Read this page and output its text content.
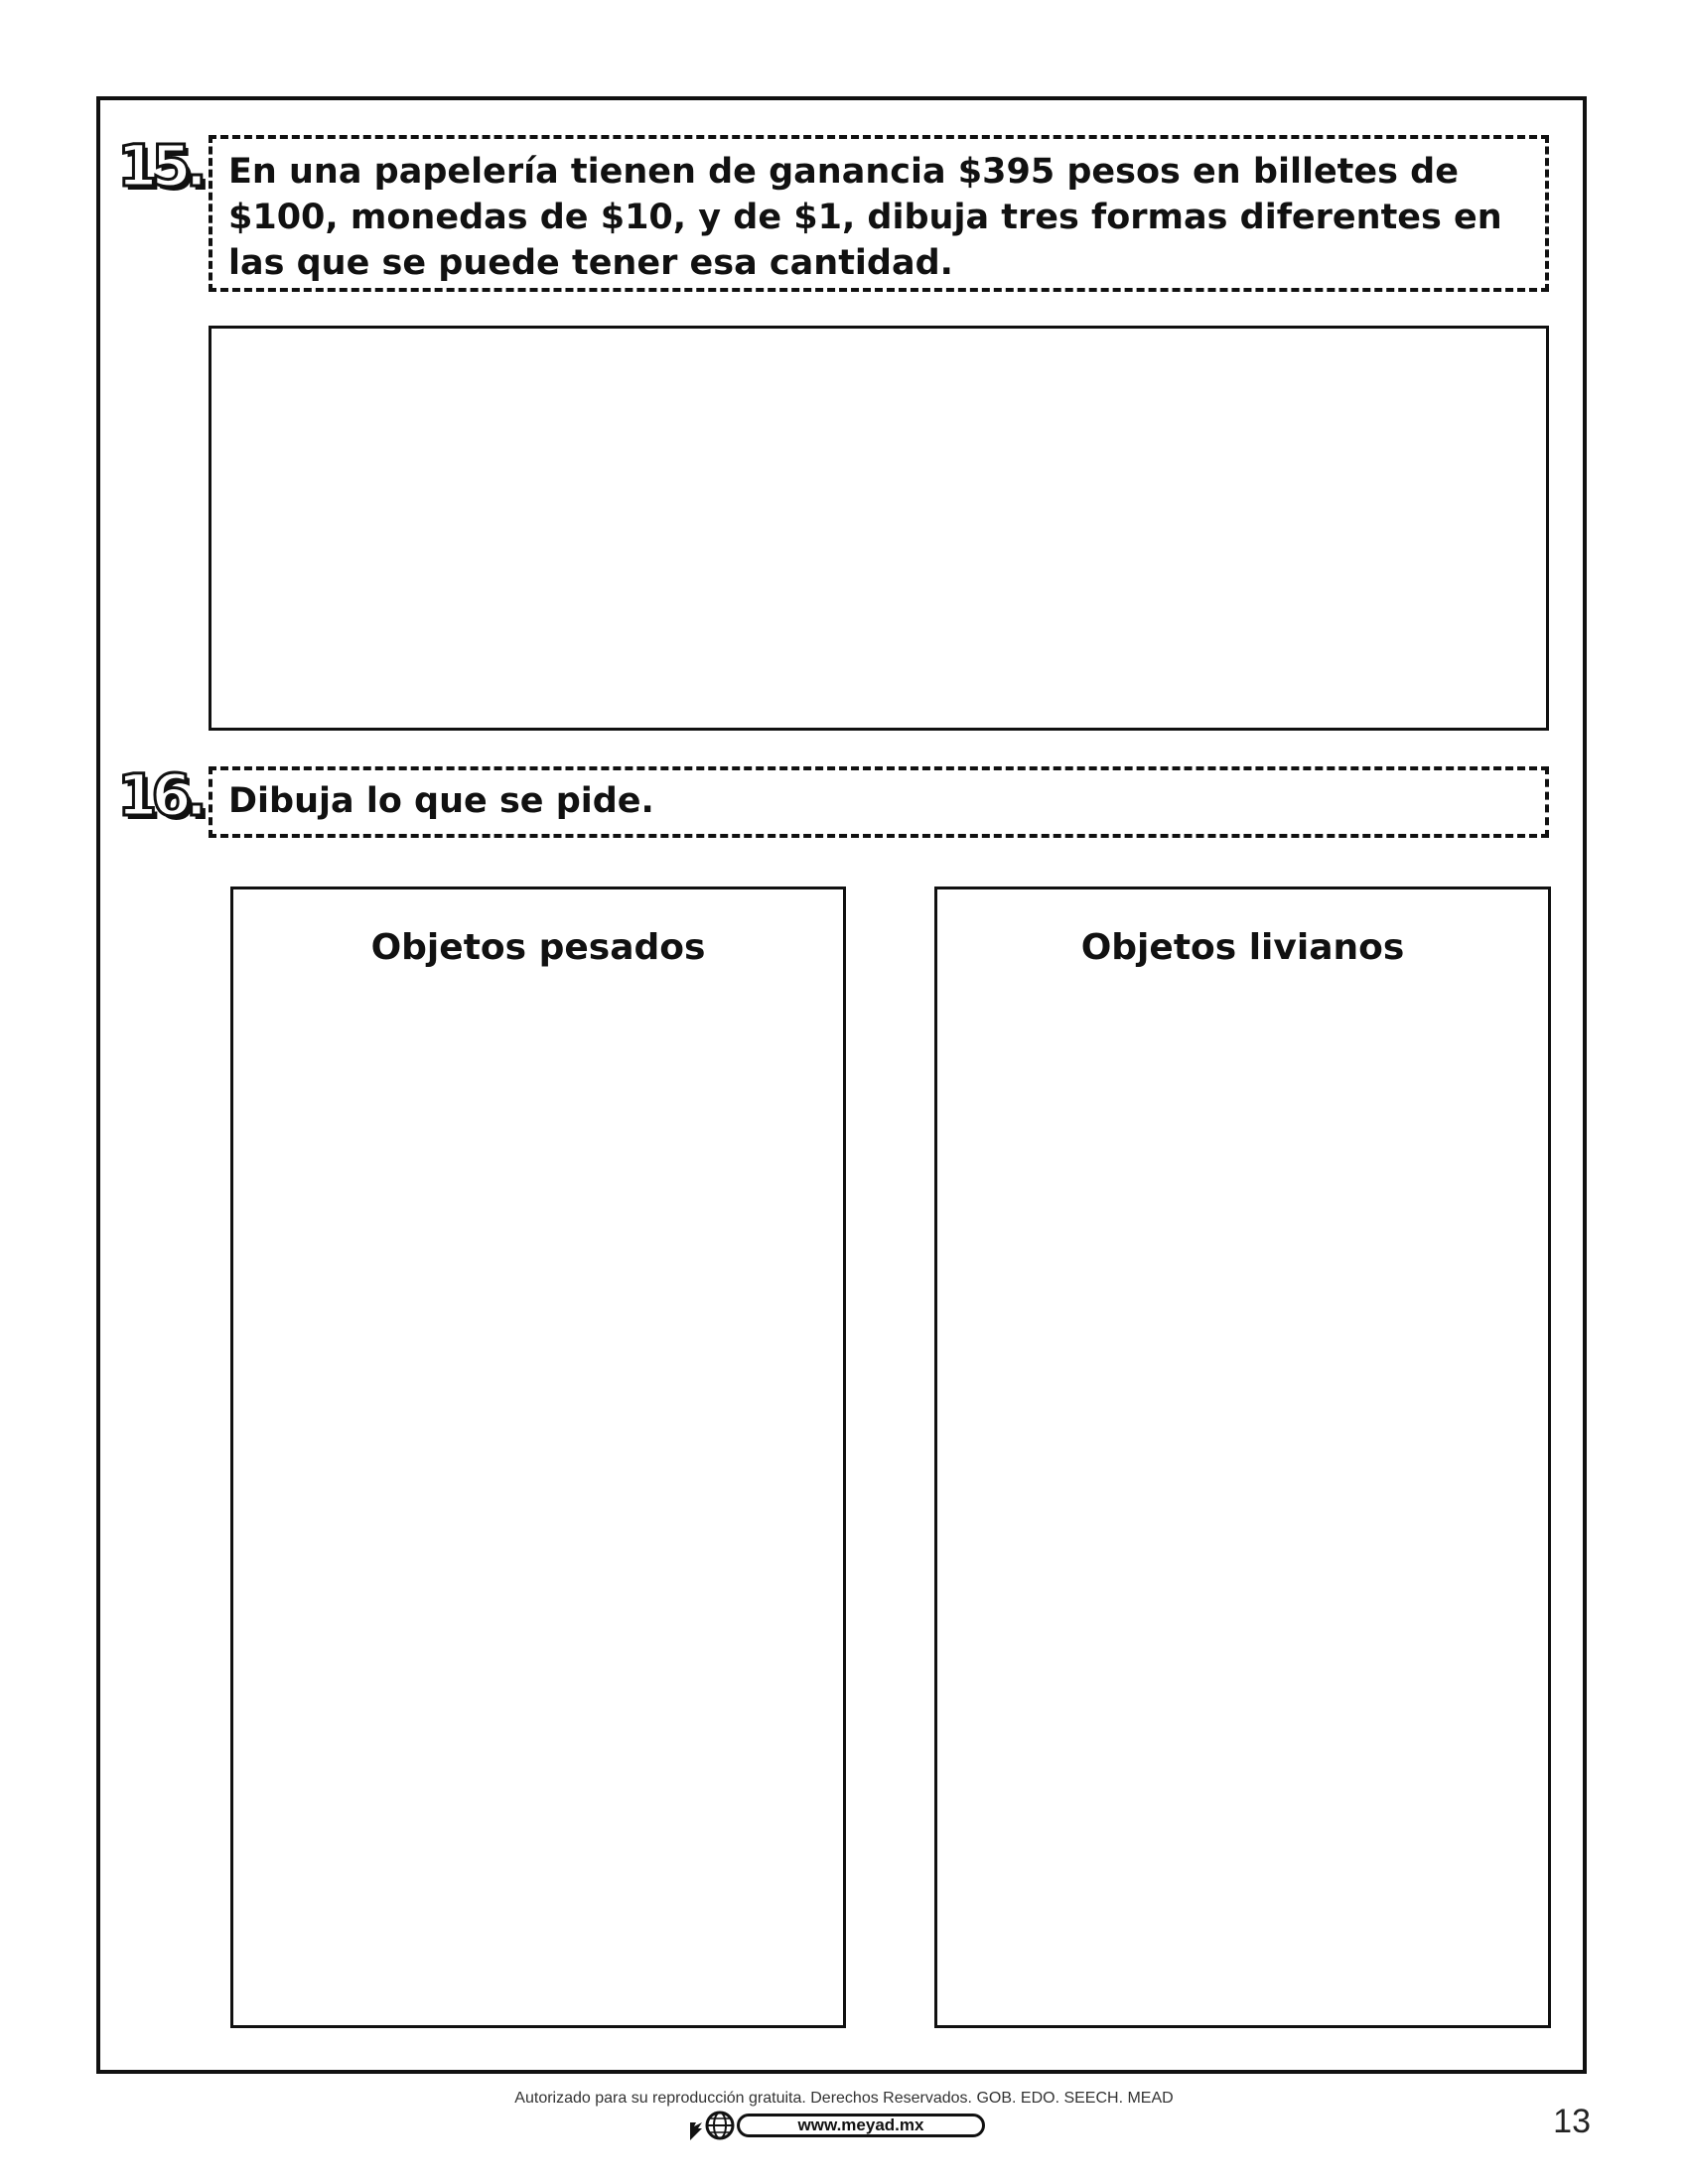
15. En una papelería tienen de ganancia $395 pesos en billetes de $100, monedas de $10, y de $1, dibuja tres formas diferentes en las que se puede tener esa cantidad.
16. Dibuja lo que se pide.
Objetos pesados	Objetos livianos
Autorizado para su reproducción gratuita. Derechos Reservados. GOB. EDO. SEECH. MEAD
www.meyad.mx	13
